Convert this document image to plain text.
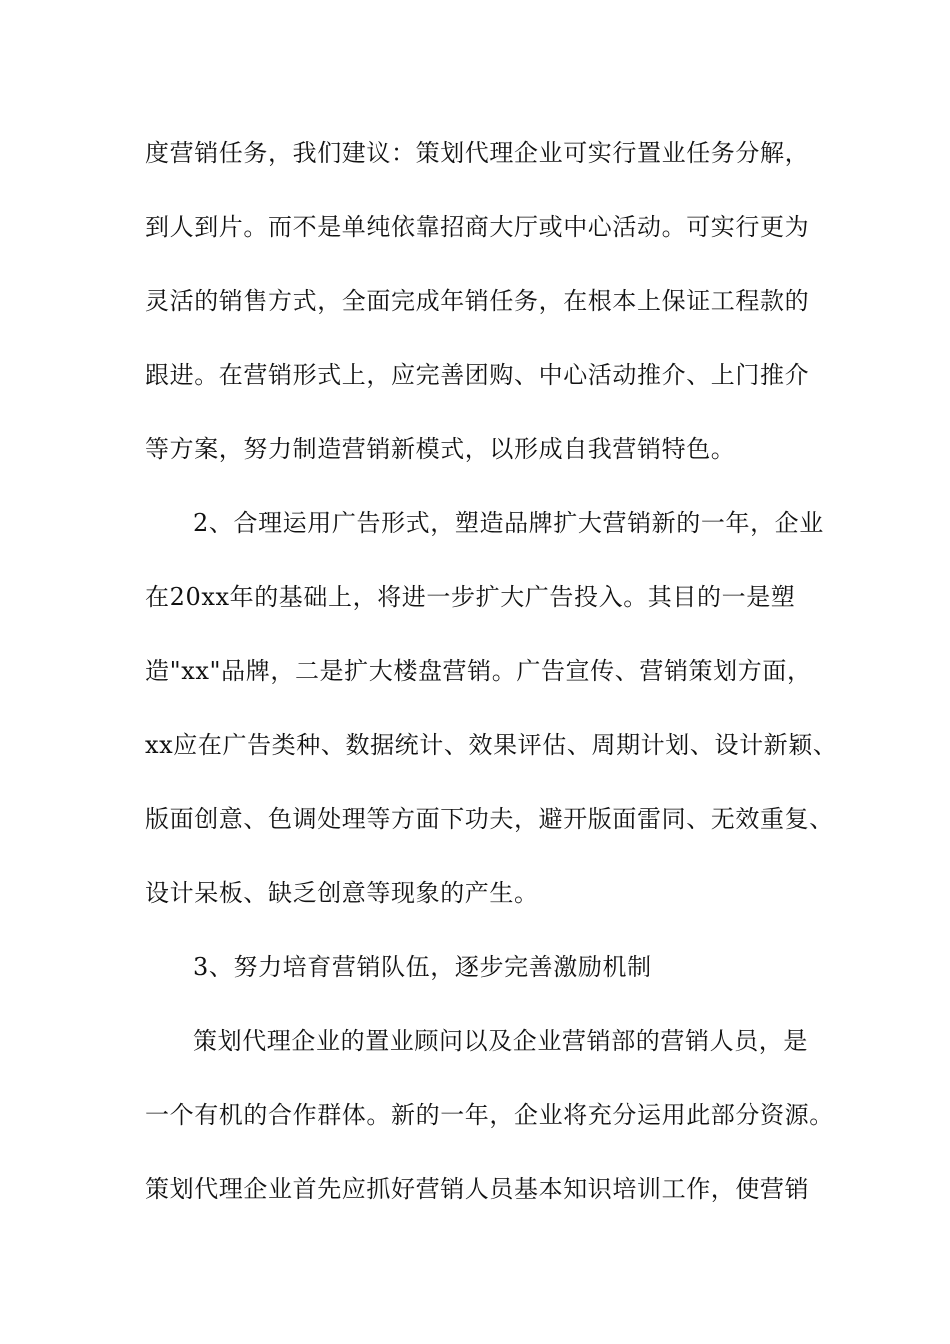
度营销任务，我们建议：策划代理企业可实行置业任务分解，
到人到片。而不是单纯依靠招商大厅或中心活动。可实行更为
灵活的销售方式，全面完成年销任务，在根本上保证工程款的
跟进。在营销形式上，应完善团购、中心活动推介、上门推介
等方案，努力制造营销新模式，以形成自我营销特色。
2、合理运用广告形式，塑造品牌扩大营销新的一年，企业
在20xx年的基础上，将进一步扩大广告投入。其目的一是塑
造"xx"品牌，二是扩大楼盘营销。广告宣传、营销策划方面，
xx应在广告类种、数据统计、效果评估、周期计划、设计新颖、
版面创意、色调处理等方面下功夫，避开版面雷同、无效重复、
设计呆板、缺乏创意等现象的产生。
3、努力培育营销队伍，逐步完善激励机制
策划代理企业的置业顾问以及企业营销部的营销人员，是
一个有机的合作群体。新的一年，企业将充分运用此部分资源。
策划代理企业首先应抓好营销人员基本知识培训工作，使营销
